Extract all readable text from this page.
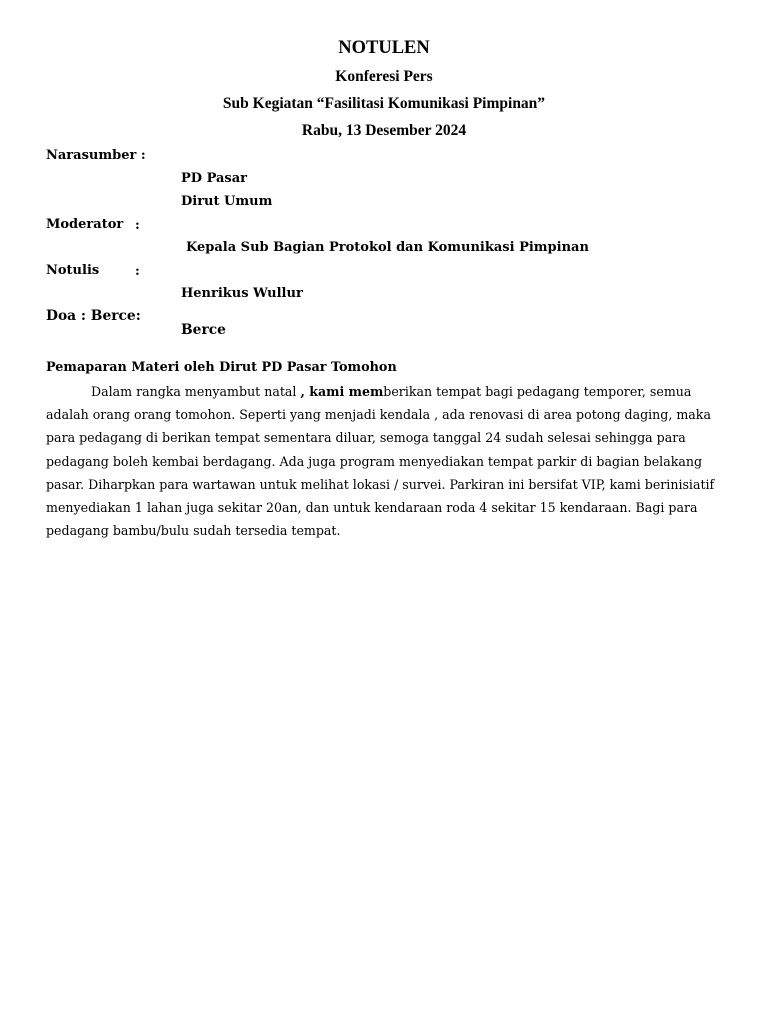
NOTULEN
Konferesi Pers
Sub Kegiatan “Fasilitasi Komunikasi Pimpinan”
Rabu, 13 Desember 2024
Narasumber :
PD Pasar
Dirut Umum
Moderator :
Kepala Sub Bagian Protokol dan Komunikasi Pimpinan
Notulis	:
Henrikus Wullur
Doa : Berce:
Berce
Pemaparan Materi oleh Dirut PD Pasar Tomohon
Dalam rangka menyambut natal , kami memberikan tempat bagi pedagang temporer, semua
adalah orang orang tomohon. Seperti yang menjadi kendala , ada renovasi di area potong daging, maka
para pedagang di berikan tempat sementara diluar, semoga tanggal 24 sudah selesai sehingga para
pedagang boleh kembai berdagang. Ada juga program menyediakan tempat parkir di bagian belakang
pasar. Diharpkan para wartawan untuk melihat lokasi / survei. Parkiran ini bersifat VIP, kami berinisiatif
menyediakan 1 lahan juga sekitar 20an, dan untuk kendaraan roda 4 sekitar 15 kendaraan. Bagi para
pedagang bambu/bulu sudah tersedia tempat.
